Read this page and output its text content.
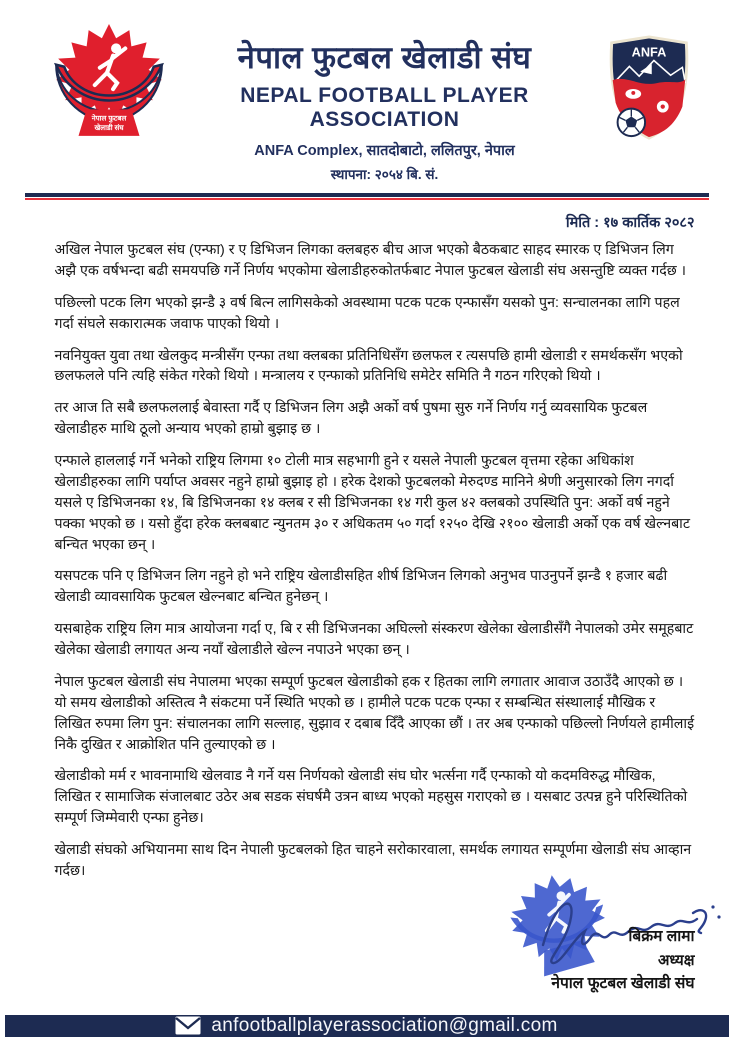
नेपाल फुटबल
खेलाडी संघ
नेपाल फुटबल खेलाडी संघ
NEPAL FOOTBALL PLAYER ASSOCIATION
ANFA Complex, सातदोबाटो, ललितपुर, नेपाल
स्थापना: २०५४ बि. सं.
ANFA
मिति : १७ कार्तिक २०८२

अखिल नेपाल फुटबल संघ (एन्फा) र ए डिभिजन लिगका क्लबहरु बीच आज भएको बैठकबाट साहद स्मारक ए डिभिजन लिग अझै एक वर्षभन्दा बढी समयपछि गर्ने निर्णय भएकोमा खेलाडीहरुकोतर्फबाट नेपाल फुटबल खेलाडी संघ असन्तुष्टि व्यक्त गर्दछ ।

पछिल्लो पटक लिग भएको झन्डै ३ वर्ष बित्न लागिसकेको अवस्थामा पटक पटक एन्फासँग यसको पुन: सन्चालनका लागि पहल गर्दा संघले सकारात्मक जवाफ पाएको थियो ।

नवनियुक्त युवा तथा खेलकुद मन्त्रीसँग एन्फा तथा क्लबका प्रतिनिधिसँग छलफल र त्यसपछि हामी खेलाडी र समर्थकसँग भएको छलफलले पनि त्यहि संकेत गरेको थियो । मन्त्रालय र एन्फाको प्रतिनिधि समेटेर समिति नै गठन गरिएको थियो ।

तर आज ति सबै छलफललाई बेवास्ता गर्दै ए डिभिजन लिग अझै अर्को वर्ष पुषमा सुरु गर्ने निर्णय गर्नु व्यवसायिक फुटबल खेलाडीहरु माथि ठूलो अन्याय भएको हाम्रो बुझाइ छ ।

एन्फाले हाललाई गर्ने भनेको राष्ट्रिय लिगमा १० टोली मात्र सहभागी हुने र यसले नेपाली फुटबल वृत्तमा रहेका अधिकांश खेलाडीहरुका लागि पर्याप्त अवसर नहुने हाम्रो बुझाइ हो । हरेक देशको फुटबलको मेरुदण्ड मानिने श्रेणी अनुसारको लिग नगर्दा यसले ए डिभिजनका १४, बि डिभिजनका १४ क्लब र सी डिभिजनका १४ गरी कुल ४२ क्लबको उपस्थिति पुन: अर्को वर्ष नहुने पक्का भएको छ । यसो हुँदा हरेक क्लबबाट न्युनतम ३० र अधिकतम ५० गर्दा १२५० देखि २१०० खेलाडी अर्को एक वर्ष खेल्नबाट बन्चित भएका छन् ।

यसपटक पनि ए डिभिजन लिग नहुने हो भने राष्ट्रिय खेलाडीसहित शीर्ष डिभिजन लिगको अनुभव पाउनुपर्ने झन्डै १ हजार बढी खेलाडी व्यावसायिक फुटबल खेल्नबाट बन्चित हुनेछन् ।

यसबाहेक राष्ट्रिय लिग मात्र आयोजना गर्दा ए, बि र सी डिभिजनका अघिल्लो संस्करण खेलेका खेलाडीसँगै नेपालको उमेर समूहबाट खेलेका खेलाडी लगायत अन्य नयाँ खेलाडीले खेल्न नपाउने भएका छन् ।

नेपाल फुटबल खेलाडी संघ नेपालमा भएका सम्पूर्ण फुटबल खेलाडीको हक र हितका लागि लगातार आवाज उठाउँदै आएको छ । यो समय खेलाडीको अस्तित्व नै संकटमा पर्ने स्थिति भएको छ । हामीले पटक पटक एन्फा र सम्बन्धित संस्थालाई मौखिक र लिखित रुपमा लिग पुन: संचालनका लागि सल्लाह, सुझाव र दबाब दिँदै आएका छौं । तर अब एन्फाको पछिल्लो निर्णयले हामीलाई निकै दुखित र आक्रोशित पनि तुल्याएको छ ।

खेलाडीको मर्म र भावनामाथि खेलवाड नै गर्ने यस निर्णयको खेलाडी संघ घोर भर्त्सना गर्दै एन्फाको यो कदमविरुद्ध मौखिक, लिखित र सामाजिक संजालबाट उठेर अब सडक संघर्षमै उत्रन बाध्य भएको महसुस गराएको छ । यसबाट उत्पन्न हुने परिस्थितिको सम्पूर्ण जिम्मेवारी एन्फा हुनेछ।

खेलाडी संघको अभियानमा साथ दिन नेपाली फुटबलको हित चाहने सरोकारवाला, समर्थक लगायत सम्पूर्णमा खेलाडी संघ आव्हान गर्दछ।

बिक्रम लामा
अध्यक्ष
नेपाल फूटबल खेलाडी संघ
anfootballplayerassociation@gmail.com
